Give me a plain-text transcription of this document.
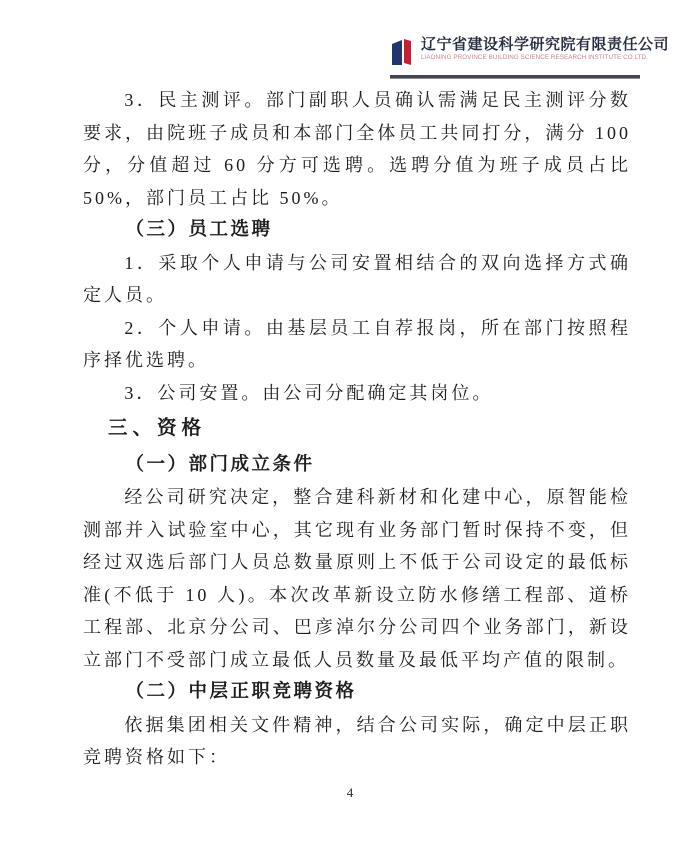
辽宁省建设科学研究院有限责任公司
LIAONING PROVINCE BUILDING SCIENCE RESEARCH INSTITUTE CO.LTD.

3．民主测评。部门副职人员确认需满足民主测评分数要求，由院班子成员和本部门全体员工共同打分，满分 100 分，分值超过 60 分方可选聘。选聘分值为班子成员占比 50%，部门员工占比 50%。

（三）员工选聘

1．采取个人申请与公司安置相结合的双向选择方式确定人员。

2．个人申请。由基层员工自荐报岗，所在部门按照程序择优选聘。

3．公司安置。由公司分配确定其岗位。

三、资格

（一）部门成立条件

经公司研究决定，整合建科新材和化建中心，原智能检测部并入试验室中心，其它现有业务部门暂时保持不变，但经过双选后部门人员总数量原则上不低于公司设定的最低标准(不低于 10 人)。本次改革新设立防水修缮工程部、道桥工程部、北京分公司、巴彦淖尔分公司四个业务部门，新设立部门不受部门成立最低人员数量及最低平均产值的限制。

（二）中层正职竞聘资格

依据集团相关文件精神，结合公司实际，确定中层正职竞聘资格如下：

4
